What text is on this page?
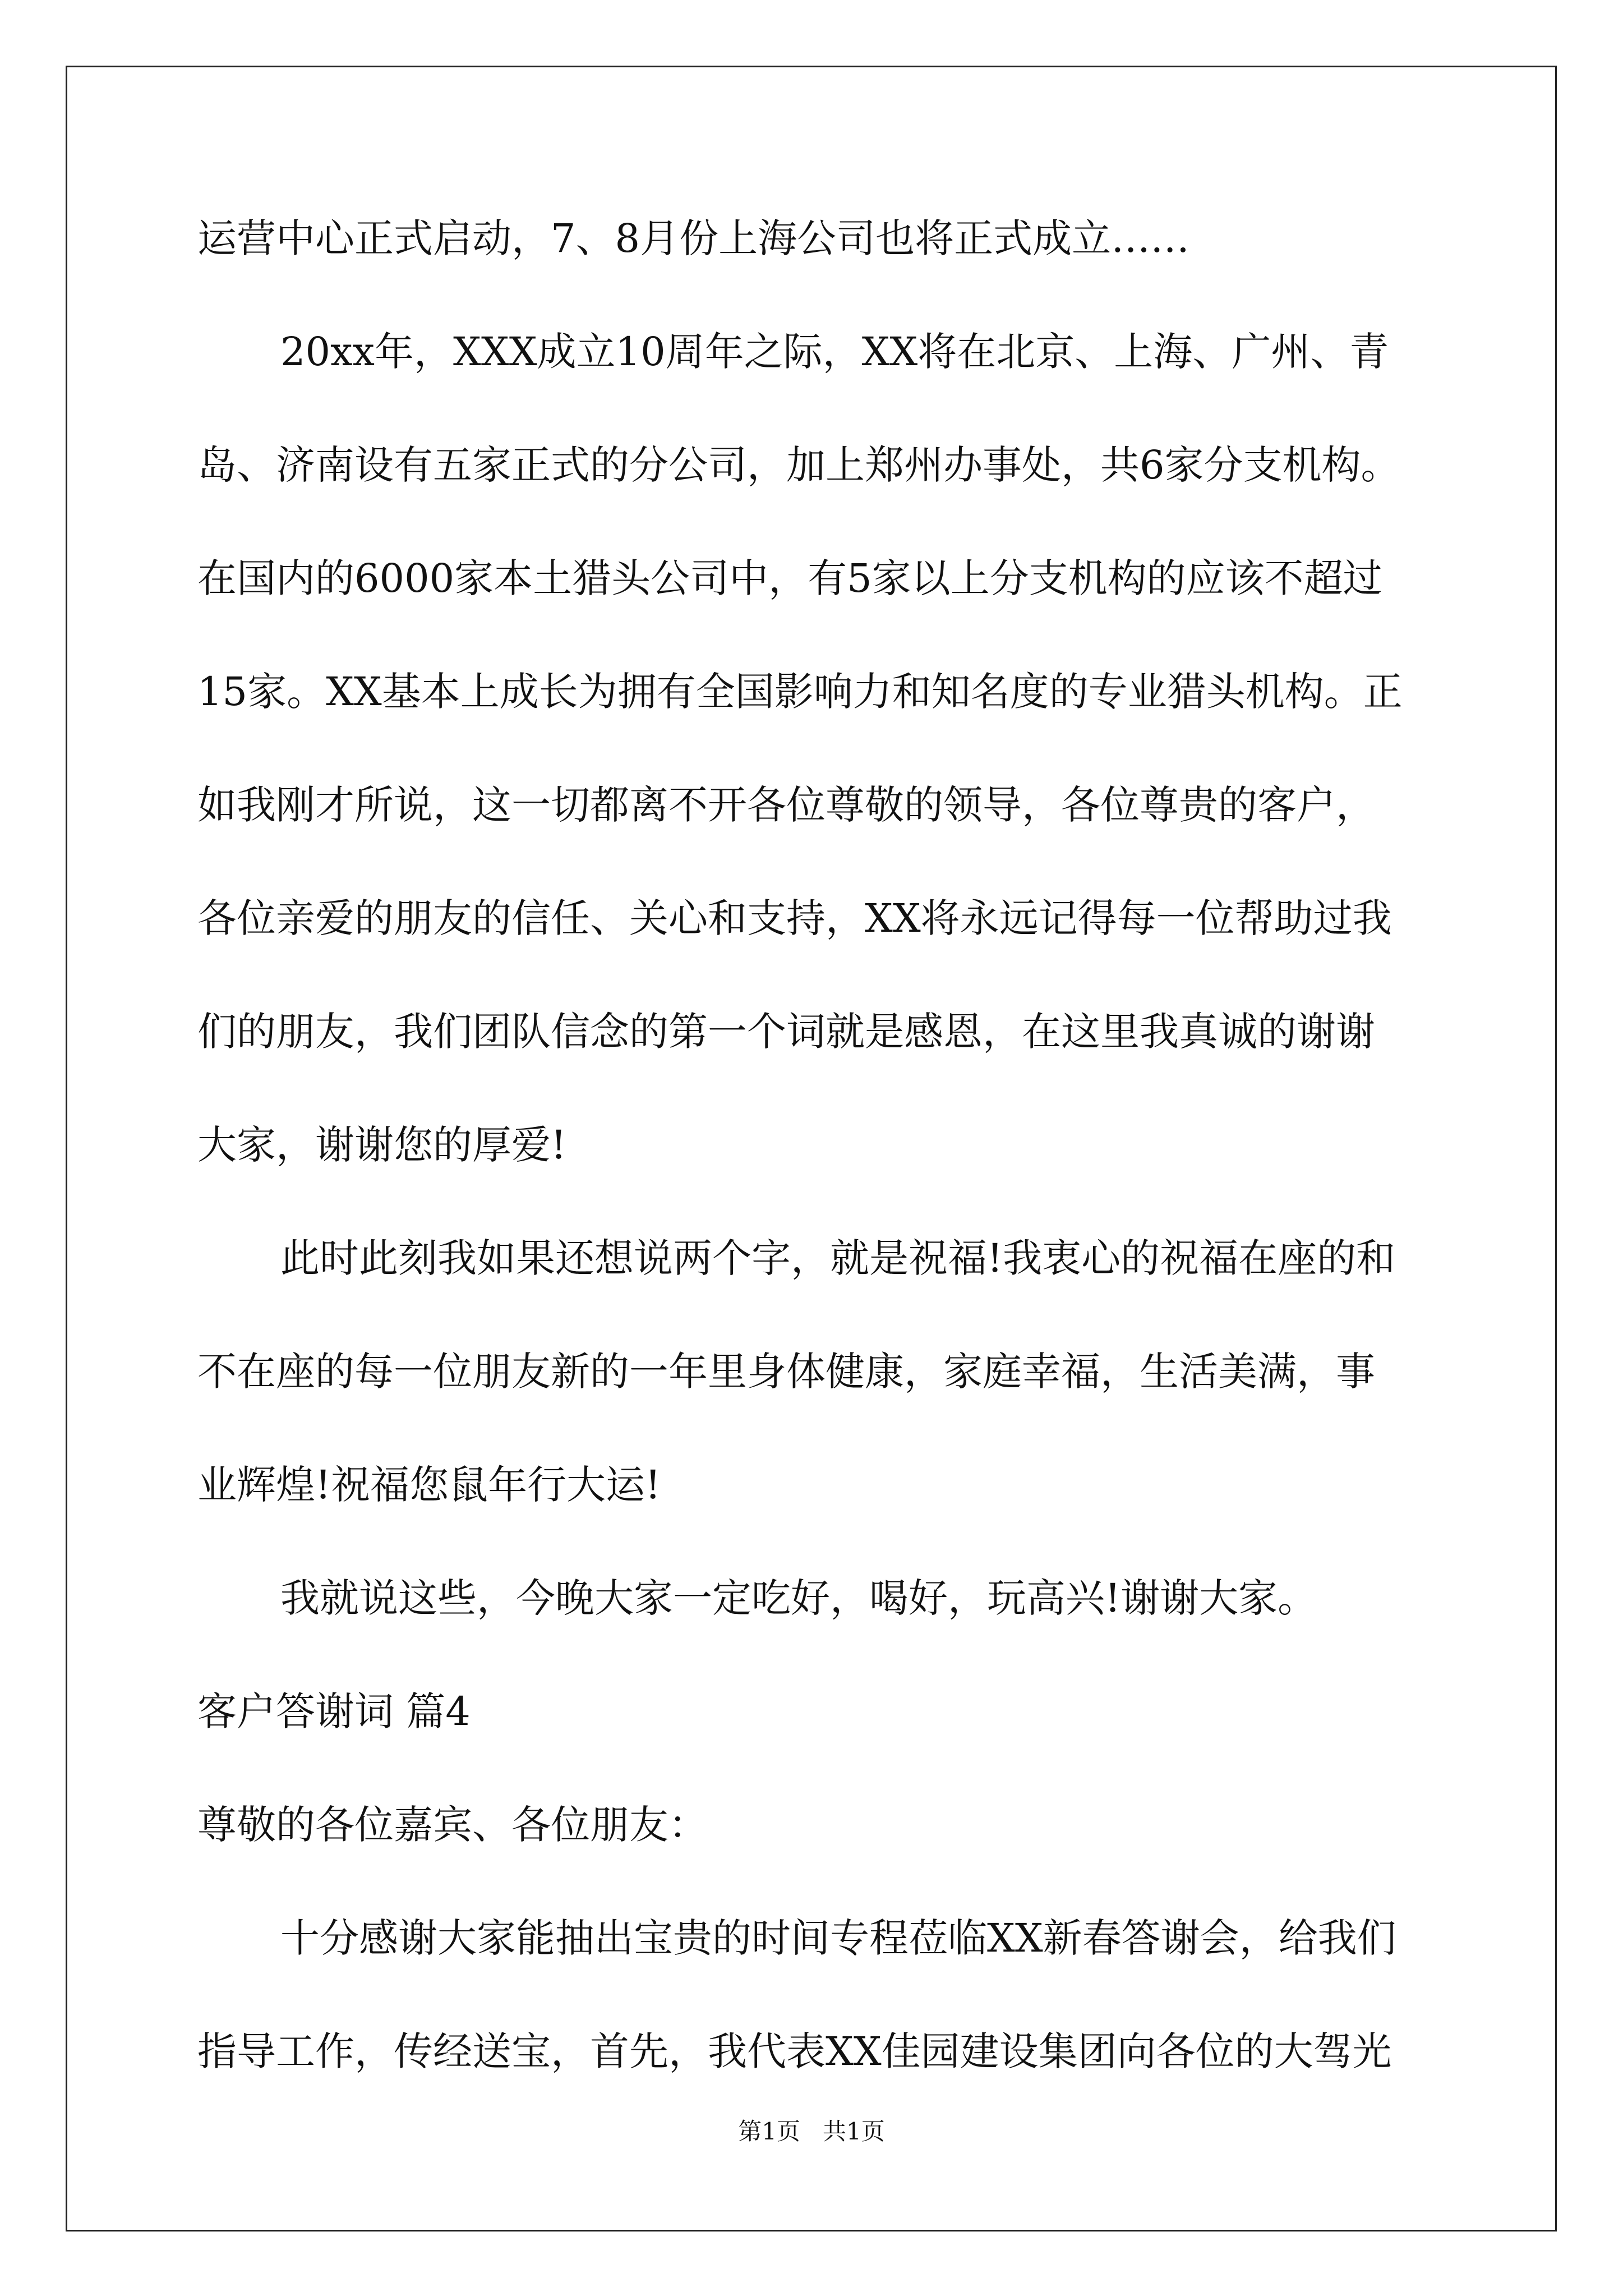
运营中心正式启动，7、8月份上海公司也将正式成立……
20xx年，XXX成立10周年之际，XX将在北京、上海、广州、青
岛、济南设有五家正式的分公司，加上郑州办事处，共6家分支机构。
在国内的6000家本土猎头公司中，有5家以上分支机构的应该不超过
15家。XX基本上成长为拥有全国影响力和知名度的专业猎头机构。正
如我刚才所说，这一切都离不开各位尊敬的领导，各位尊贵的客户，
各位亲爱的朋友的信任、关心和支持，XX将永远记得每一位帮助过我
们的朋友，我们团队信念的第一个词就是感恩，在这里我真诚的谢谢
大家，谢谢您的厚爱!
此时此刻我如果还想说两个字，就是祝福!我衷心的祝福在座的和
不在座的每一位朋友新的一年里身体健康，家庭幸福，生活美满，事
业辉煌!祝福您鼠年行大运!
我就说这些，今晚大家一定吃好，喝好，玩高兴!谢谢大家。
客户答谢词 篇4
尊敬的各位嘉宾、各位朋友：
十分感谢大家能抽出宝贵的时间专程莅临XX新春答谢会，给我们
指导工作，传经送宝，首先，我代表XX佳园建设集团向各位的大驾光
第1页   共1页
